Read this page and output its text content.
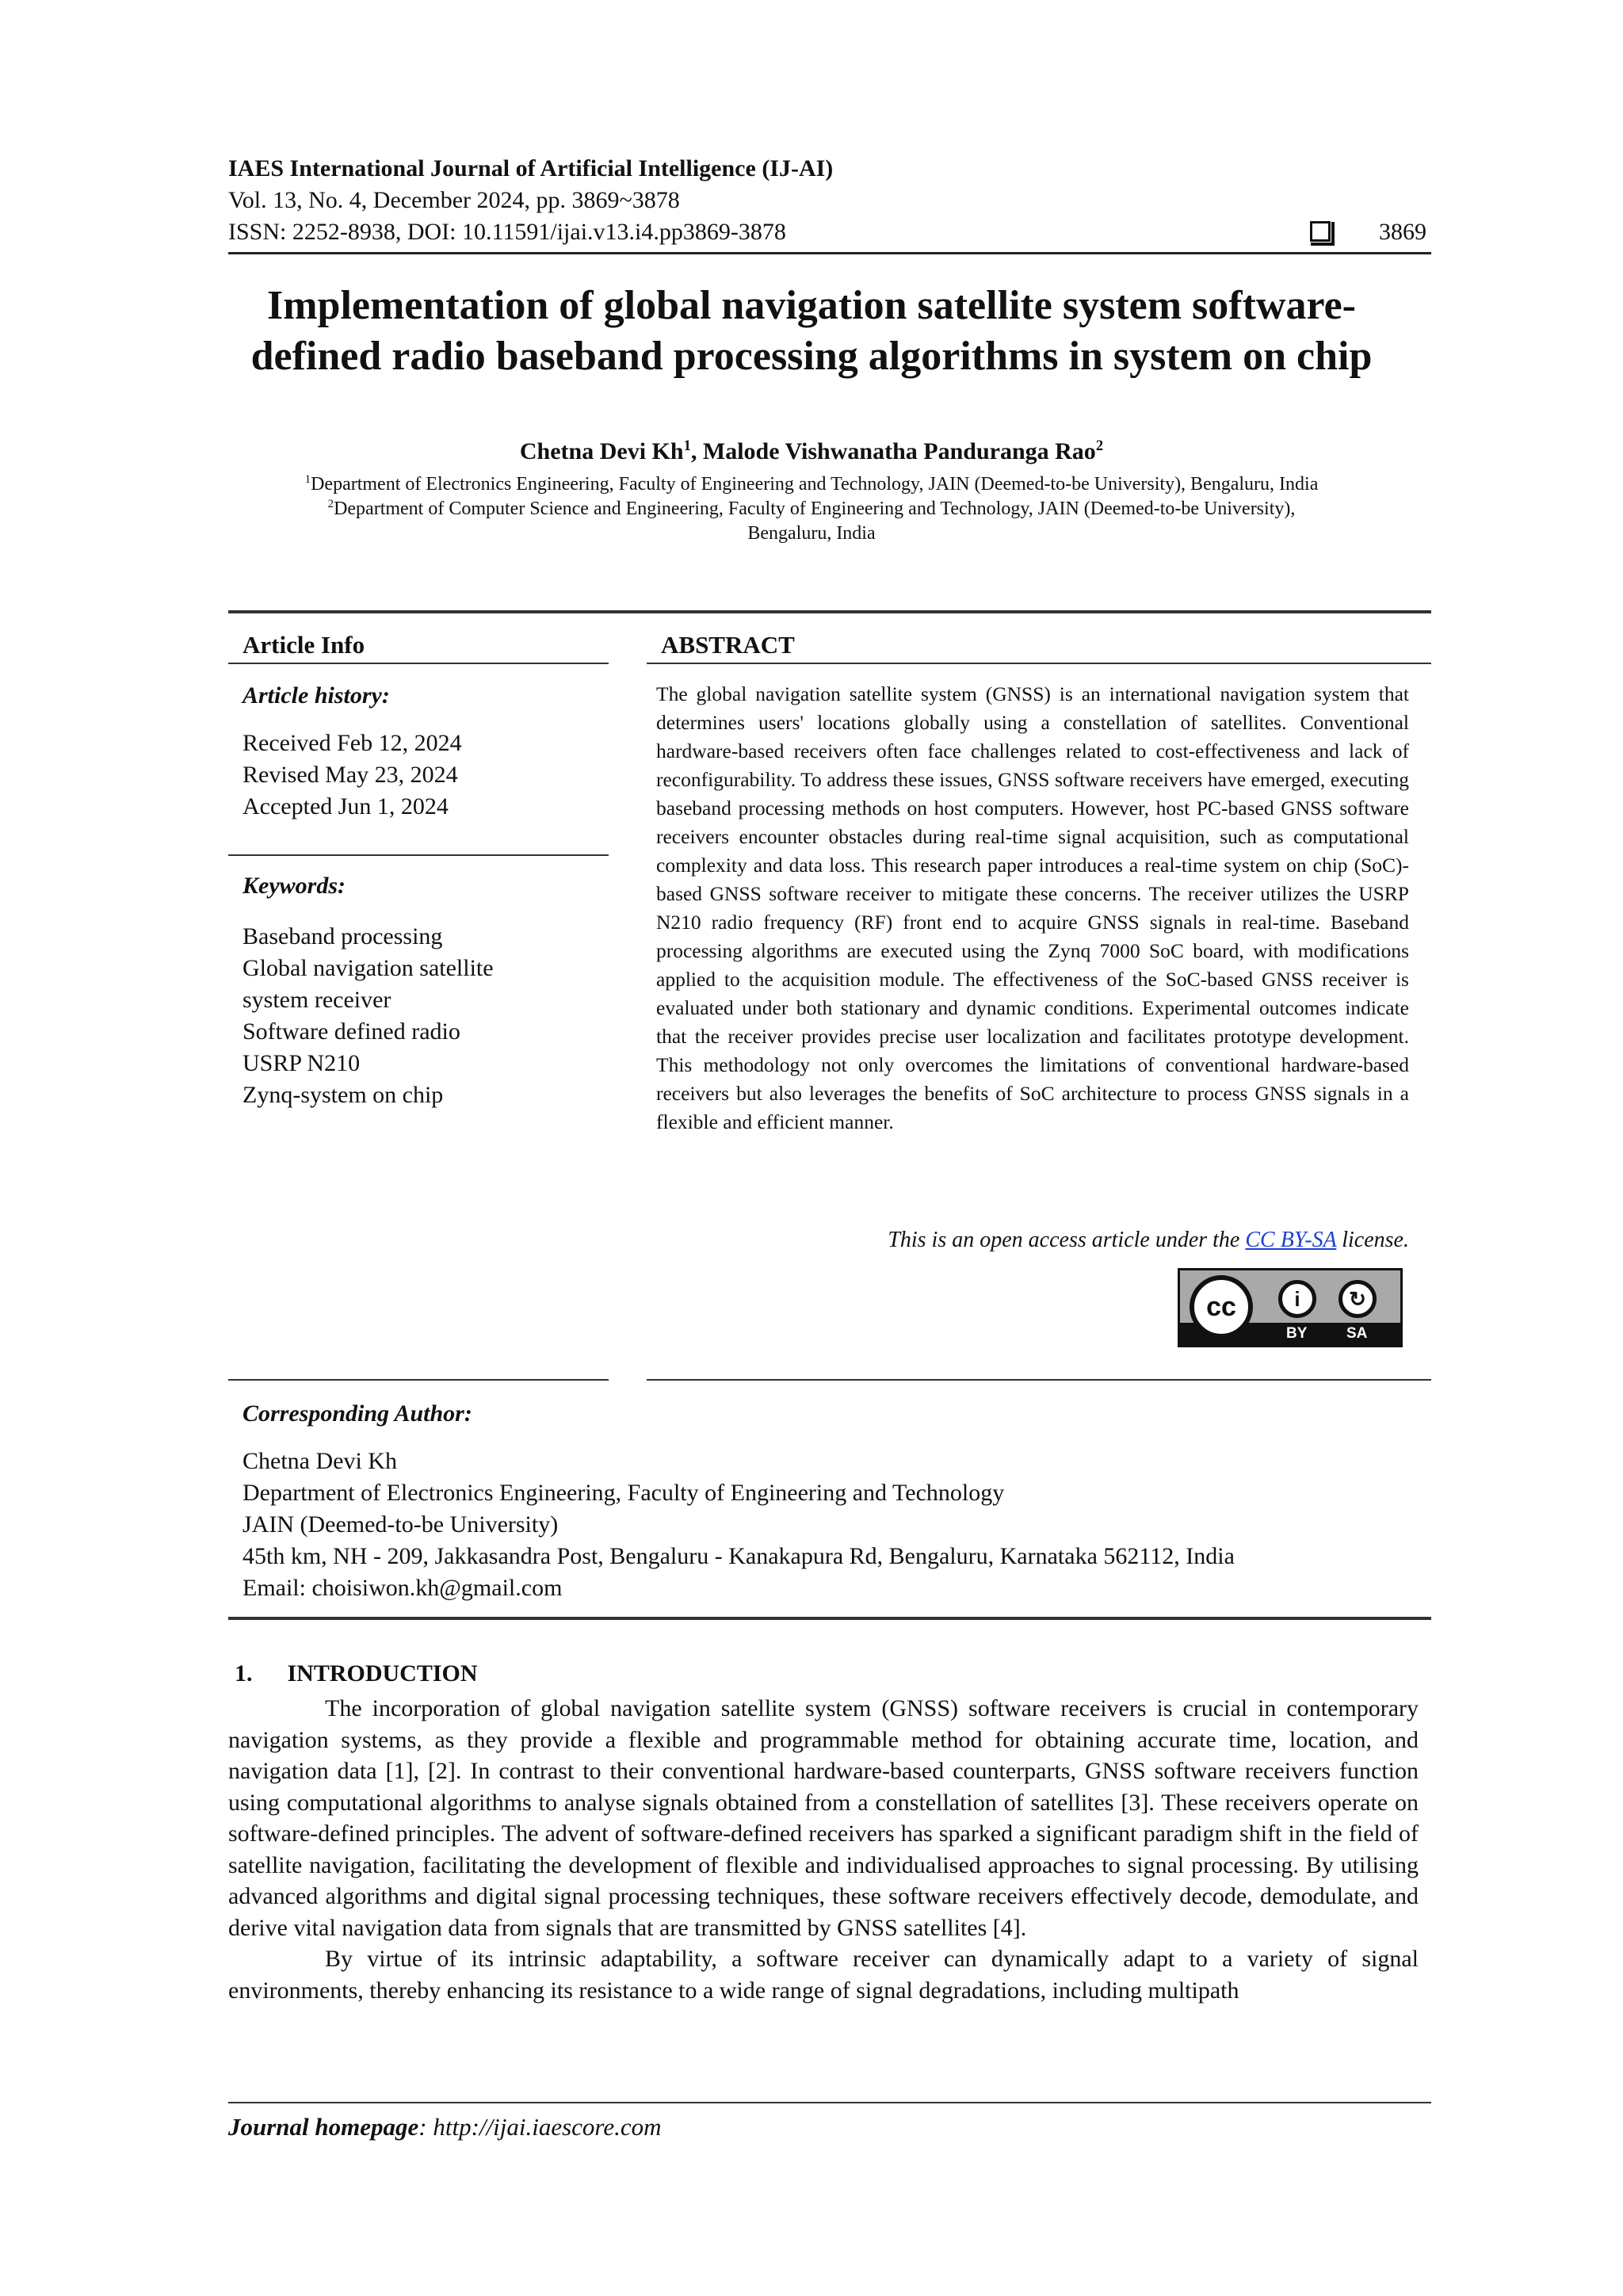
IAES International Journal of Artificial Intelligence (IJ-AI)
Vol. 13, No. 4, December 2024, pp. 3869~3878
ISSN: 2252-8938, DOI: 10.11591/ijai.v13.i4.pp3869-3878	3869
Implementation of global navigation satellite system software-
defined radio baseband processing algorithms in system on chip
Chetna Devi Kh$^1$, Malode Vishwanatha Panduranga Rao$^2$
$^1$Department of Electronics Engineering, Faculty of Engineering and Technology, JAIN (Deemed-to-be University), Bengaluru, India
$^2$Department of Computer Science and Engineering, Faculty of Engineering and Technology, JAIN (Deemed-to-be University),
Bengaluru, India
Article Info
Article history:
Received Feb 12, 2024
Revised May 23, 2024
Accepted Jun 1, 2024
Keywords:
Baseband processing
Global navigation satellite
system receiver
Software defined radio
USRP N210
Zynq-system on chip
ABSTRACT
The global navigation satellite system (GNSS) is an international navigation system that determines users' locations globally using a constellation of satellites. Conventional hardware-based receivers often face challenges related to cost-effectiveness and lack of reconfigurability. To address these issues, GNSS software receivers have emerged, executing baseband processing methods on host computers. However, host PC-based GNSS software receivers encounter obstacles during real-time signal acquisition, such as computational complexity and data loss. This research paper introduces a real-time system on chip (SoC)-based GNSS software receiver to mitigate these concerns. The receiver utilizes the USRP N210 radio frequency (RF) front end to acquire GNSS signals in real-time. Baseband processing algorithms are executed using the Zynq 7000 SoC board, with modifications applied to the acquisition module. The effectiveness of the SoC-based GNSS receiver is evaluated under both stationary and dynamic conditions. Experimental outcomes indicate that the receiver provides precise user localization and facilitates prototype development. This methodology not only overcomes the limitations of conventional hardware-based receivers but also leverages the benefits of SoC architecture to process GNSS signals in a flexible and efficient manner.
This is an open access article under the CC BY-SA license.
cc	i	↻
BY	SA
Corresponding Author:
Chetna Devi Kh
Department of Electronics Engineering, Faculty of Engineering and Technology
JAIN (Deemed-to-be University)
45th km, NH - 209, Jakkasandra Post, Bengaluru - Kanakapura Rd, Bengaluru, Karnataka 562112, India
Email: choisiwon.kh@gmail.com
1. INTRODUCTION

The incorporation of global navigation satellite system (GNSS) software receivers is crucial in contemporary navigation systems, as they provide a flexible and programmable method for obtaining accurate time, location, and navigation data [1], [2]. In contrast to their conventional hardware-based counterparts, GNSS software receivers function using computational algorithms to analyse signals obtained from a constellation of satellites [3]. These receivers operate on software-defined principles. The advent of software-defined receivers has sparked a significant paradigm shift in the field of satellite navigation, facilitating the development of flexible and individualised approaches to signal processing. By utilising advanced algorithms and digital signal processing techniques, these software receivers effectively decode, demodulate, and derive vital navigation data from signals that are transmitted by GNSS satellites [4].

By virtue of its intrinsic adaptability, a software receiver can dynamically adapt to a variety of signal environments, thereby enhancing its resistance to a wide range of signal degradations, including multipath

Journal homepage: http://ijai.iaescore.com
